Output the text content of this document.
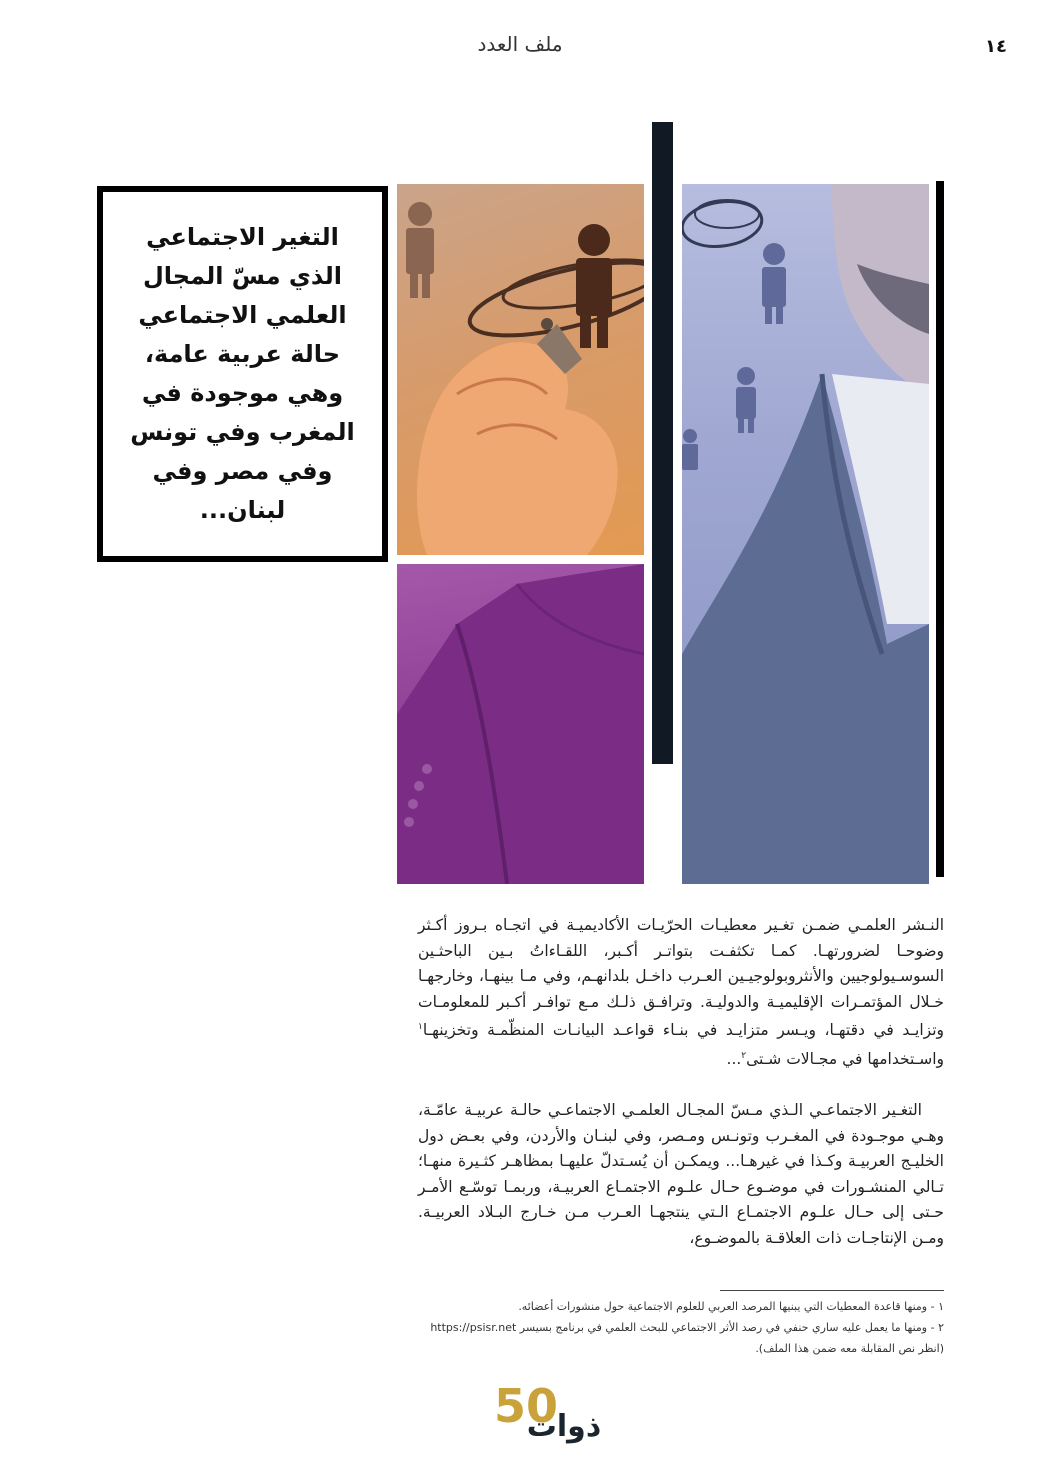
١٤
ملف العدد

التغير الاجتماعي الذي مسّ المجال العلمي الاجتماعي حالة عربية عامة، وهي موجودة في المغرب وفي تونس وفي مصر وفي لبنان...

النـشر العلمـي ضمـن تغـير معطيـات الحرّيـات الأكاديميـة في اتجـاه بـروز أكـثر وضوحـا لضرورتهـا. كمـا تكثفـت بتواتـر أكـبر، اللقـاءاتُ بـين الباحثـين السوسـيولوجيين والأنثروبولوجيـين العـرب داخـل بلدانهـم، وفي مـا بينهـا، وخارجهـا خـلال المؤتمـرات الإقليميـة والدوليـة. وترافـق ذلـك مـع توافـر أكـبر للمعلومـات وتزايـد في دقتهـا، ويـسر متزايـد في بنـاء قواعـد البيانـات المنظّمـة وتخزينهـا$^١$ واسـتخدامها في مجـالات شـتى$^٢$...

التغـير الاجتماعـي الـذي مـسّ المجـال العلمـي الاجتماعـي حالـة عربيـة عامّـة، وهـي موجـودة في المغـرب وتونـس ومـصر، وفي لبنـان والأردن، وفي بعـض دول الخليـج العربيـة وكـذا في غيرهـا... ويمكـن أن يُسـتدلّ عليهـا بمظاهـر كثـيرة منهـا؛ تـالي المنشـورات في موضـوع حـال علـوم الاجتمـاع العربيـة، وربمـا توسّـع الأمـر حـتى إلى حـال علـوم الاجتمـاع الـتي ينتجهـا العـرب مـن خـارج البـلاد العربيـة. ومـن الإنتاجـات ذات العلاقـة بالموضـوع،

١ - ومنها قاعدة المعطيات التي يبنيها المرصد العربي للعلوم الاجتماعية حول منشورات أعضائه.

٢ - ومنها ما يعمل عليه ساري حنفي في رصد الأثر الاجتماعي للبحث العلمي في برنامج بسيسر https://psisr.net

(انظر نص المقابلة معه ضمن هذا الملف).

50
ذوات
